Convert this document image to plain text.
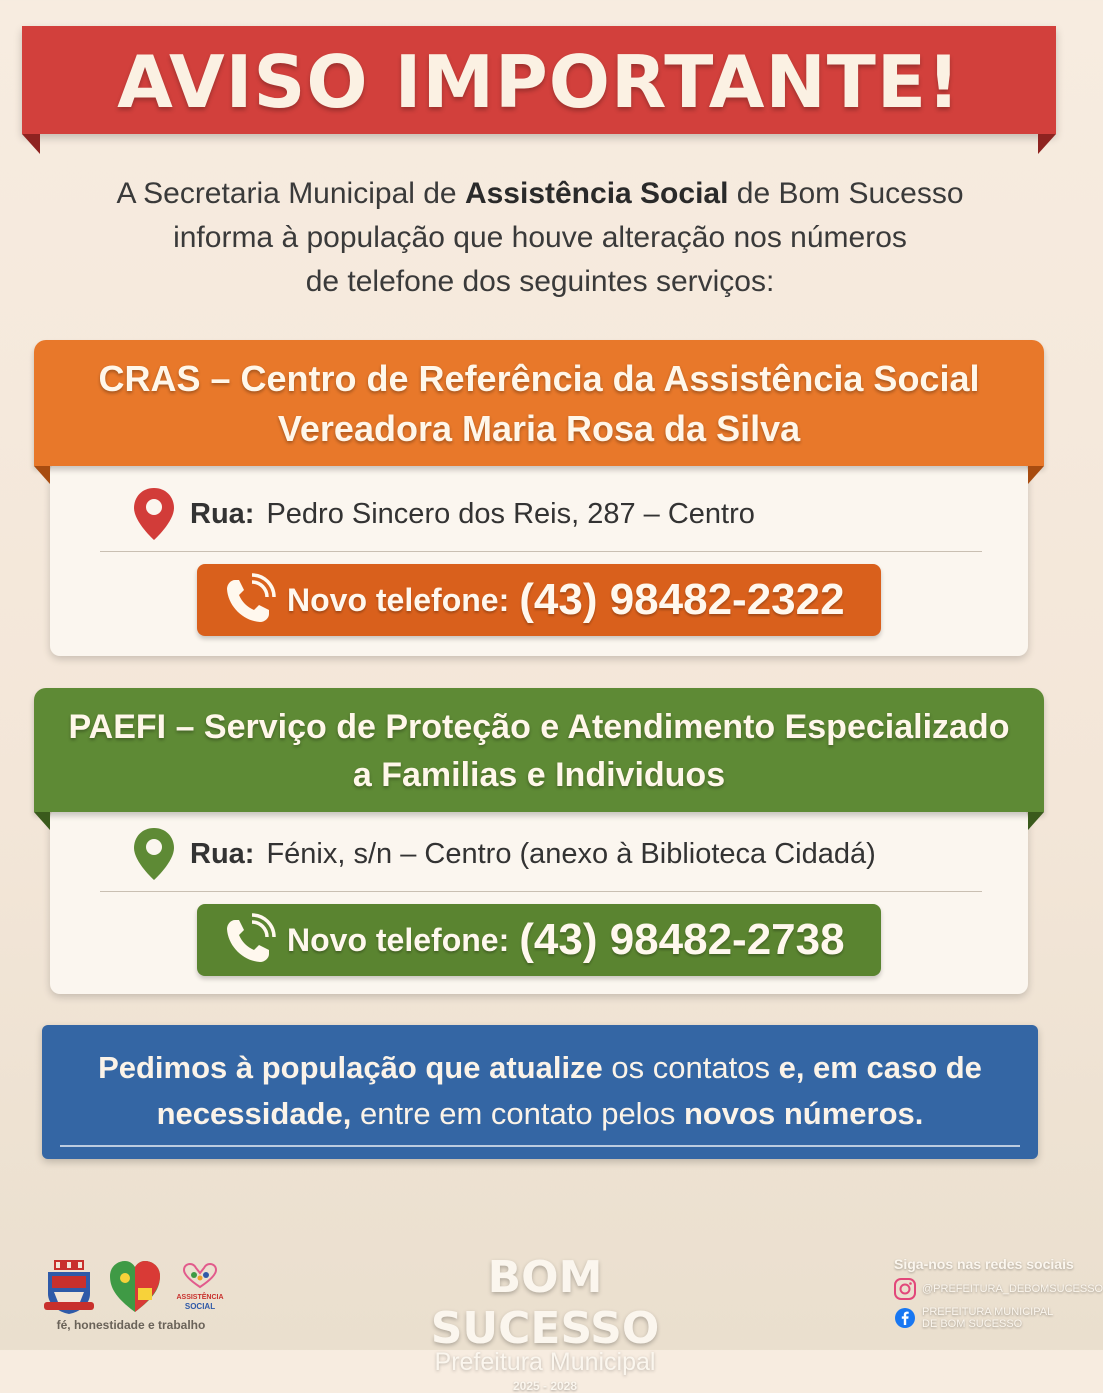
AVISO IMPORTANTE!
A Secretaria Municipal de Assistência Social de Bom Sucesso
informa à população que houve alteração nos números
de telefone dos seguintes serviços:
CRAS – Centro de Referência da Assistência Social
Vereadora Maria Rosa da Silva
Rua: Pedro Sincero dos Reis, 287 – Centro
Novo telefone: (43) 98482-2322
PAEFI – Serviço de Proteção e Atendimento Especializado
a Familias e Individuos
Rua: Fénix, s/n – Centro (anexo à Biblioteca Cidadá)
Novo telefone: (43) 98482-2738
Pedimos à população que atualize os contatos e, em caso de
necessidade, entre em contato pelos novos números.
ASSISTÊNCIA
SOCIAL
fé, honestidade e trabalho
BOM SUCESSO
Prefeitura Municipal
2025 - 2028
Siga-nos nas redes sociais
@PREFEITURA_DEBOMSUCESSO
PREFEITURA MUNICIPAL
DE BOM SUCESSO
